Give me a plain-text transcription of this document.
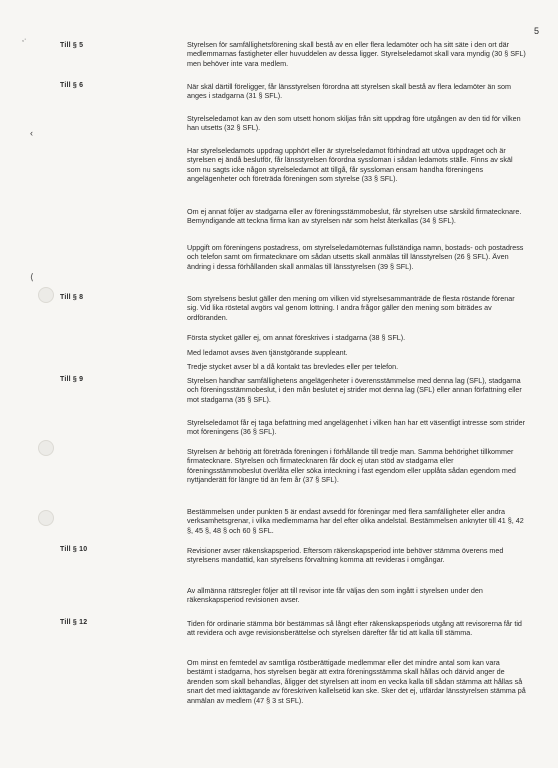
5
⟨
‹
,·
Till § 5
Till § 6
Till § 8
Till § 9
Till § 10
Till § 12

Styrelsen för samfällighetsförening skall bestå av en eller flera ledamöter och ha sitt säte i den ort där medlemmarnas fastigheter eller huvuddelen av dessa ligger. Styrelseledamot skall vara myndig (30 § SFL) men behöver inte vara medlem.

När skäl därtill föreligger, får länsstyrelsen förordna att styrelsen skall bestå av flera ledamöter än som anges i stadgarna (31 § SFL).

Styrelseledamot kan av den som utsett honom skiljas från sitt uppdrag före utgången av den tid för vilken han utsetts (32 § SFL).

Har styrelseledamots uppdrag upphört eller är styrelseledamot förhindrad att utöva uppdraget och är styrelsen ej ändå beslutför, får länsstyrelsen förordna syssloman i sådan ledamots ställe. Finns av skäl som nu sagts icke någon styrelseledamot att tillgå, får syssloman ensam handha föreningens angelägenheter och företräda föreningen som styrelse (33 § SFL).

Om ej annat följer av stadgarna eller av föreningsstämmobeslut, får styrelsen utse särskild firmatecknare. Bemyndigande att teckna firma kan av styrelsen när som helst återkallas (34 § SFL).

Uppgift om föreningens postadress, om styrelseledamöternas fullständiga namn, bostads- och postadress och telefon samt om firmatecknare om sådan utsetts skall anmälas till länsstyrelsen (26 § SFL). Även ändring i dessa förhållanden skall anmälas till länsstyrelsen (39 § SFL).

Som styrelsens beslut gäller den mening om vilken vid styrelsesammanträde de flesta röstande förenar sig. Vid lika röstetal avgörs val genom lottning. I andra frågor gäller den mening som biträdes av ordföranden.

Första stycket gäller ej, om annat föreskrives i stadgarna (38 § SFL).

Med ledamot avses även tjänstgörande suppleant.

Tredje stycket avser bl a då kontakt tas brevledes eller per telefon.

Styrelsen handhar samfällighetens angelägenheter i överensstämmelse med denna lag (SFL), stadgarna och föreningsstämmobeslut, i den mån beslutet ej strider mot denna lag (SFL) eller annan författning eller mot stadgarna (35 § SFL).

Styrelseledamot får ej taga befattning med angelägenhet i vilken han har ett väsentligt intresse som strider mot föreningens (36 § SFL).

Styrelsen är behörig att företräda föreningen i förhållande till tredje man. Samma behörighet tillkommer firmatecknare. Styrelsen och firmatecknaren får dock ej utan stöd av stadgarna eller föreningsstämmobeslut överlåta eller söka inteckning i fast egendom eller upplåta sådan egendom med nyttjanderätt för längre tid än fem år (37 § SFL).

Bestämmelsen under punkten 5 är endast avsedd för föreningar med flera samfälligheter eller andra verksamhetsgrenar, i vilka medlemmarna har del efter olika andelstal. Bestämmelsen anknyter till 41 §, 42 §, 45 §, 48 § och 60 § SFL.

Revisioner avser räkenskapsperiod. Eftersom räkenskapsperiod inte behöver stämma överens med styrelsens mandattid, kan styrelsens förvaltning komma att revideras i omgångar.

Av allmänna rättsregler följer att till revisor inte får väljas den som ingått i styrelsen under den räkenskapsperiod revisionen avser.

Tiden för ordinarie stämma bör bestämmas så långt efter räkenskapsperiods utgång att revisorerna får tid att revidera och avge revisionsberättelse och styrelsen därefter får tid att kalla till stämma.

Om minst en femtedel av samtliga röstberättigade medlemmar eller det mindre antal som kan vara bestämt i stadgarna, hos styrelsen begär att extra föreningsstämma skall hållas och därvid anger de ärenden som skall behandlas, åligger det styrelsen att inom en vecka kalla till sådan stämma att hållas så snart det med iakttagande av föreskriven kallelsetid kan ske. Sker det ej, utfärdar länsstyrelsen stämma på anmälan av medlem (47 § 3 st SFL).
